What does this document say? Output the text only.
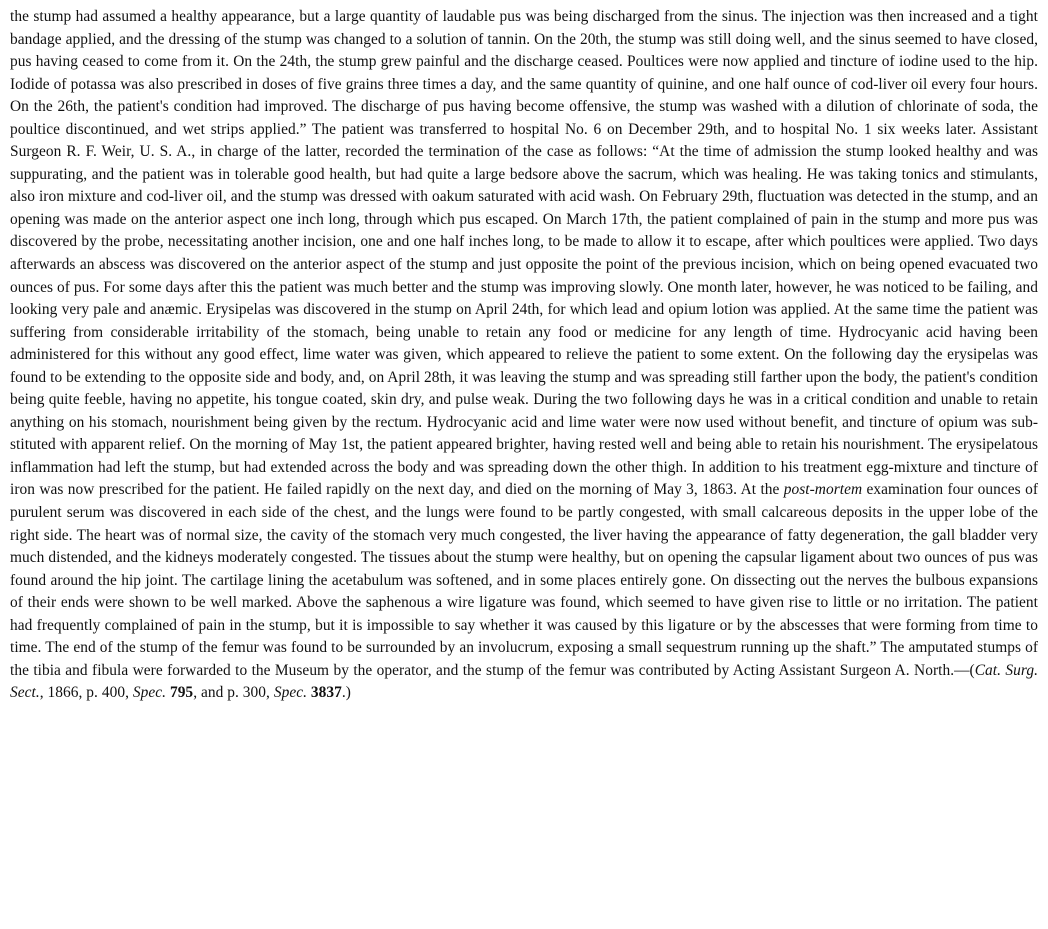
the stump had assumed a healthy appearance, but a large quantity of laudable pus was being discharged from the sinus. The injection was then increased and a tight bandage applied, and the dressing of the stump was changed to a solution of tannin. On the 20th, the stump was still doing well, and the sinus seemed to have closed, pus having ceased to come from it. On the 24th, the stump grew painful and the discharge ceased. Poultices were now applied and tincture of iodine used to the hip. Iodide of potassa was also prescribed in doses of five grains three times a day, and the same quantity of quinine, and one half ounce of cod-liver oil every four hours. On the 26th, the patient's condition had improved. The discharge of pus having become offensive, the stump was washed with a dilution of chlorinate of soda, the poultice discontinued, and wet strips applied.” The patient was transferred to hospital No. 6 on December 29th, and to hospital No. 1 six weeks later. Assistant Surgeon R. F. Weir, U. S. A., in charge of the latter, recorded the termination of the case as follows: “At the time of admission the stump looked healthy and was suppurating, and the patient was in tolerable good health, but had quite a large bedsore above the sacrum, which was healing. He was taking tonics and stimulants, also iron mixture and cod-liver oil, and the stump was dressed with oakum saturated with acid wash. On February 29th, fluctuation was detected in the stump, and an opening was made on the anterior aspect one inch long, through which pus escaped. On March 17th, the patient complained of pain in the stump and more pus was discovered by the probe, necessitating another incision, one and one half inches long, to be made to allow it to escape, after which poultices were applied. Two days afterwards an abscess was discovered on the anterior aspect of the stump and just opposite the point of the previous incision, which on being opened evacuated two ounces of pus. For some days after this the patient was much better and the stump was improving slowly. One month later, however, he was noticed to be failing, and looking very pale and anæmic. Erysipelas was discovered in the stump on April 24th, for which lead and opium lotion was applied. At the same time the patient was suffering from considerable irritability of the stomach, being unable to retain any food or medicine for any length of time. Hydrocyanic acid having been administered for this without any good effect, lime water was given, which appeared to relieve the patient to some extent. On the following day the erysipelas was found to be extending to the opposite side and body, and, on April 28th, it was leaving the stump and was spreading still farther upon the body, the patient's condition being quite feeble, having no appetite, his tongue coated, skin dry, and pulse weak. During the two following days he was in a critical condition and unable to retain anything on his stomach, nourishment being given by the rectum. Hydrocyanic acid and lime water were now used without benefit, and tincture of opium was substituted with apparent relief. On the morning of May 1st, the patient appeared brighter, having rested well and being able to retain his nourishment. The erysipelatous inflammation had left the stump, but had extended across the body and was spreading down the other thigh. In addition to his treatment egg-mixture and tincture of iron was now prescribed for the patient. He failed rapidly on the next day, and died on the morning of May 3, 1863. At the post-mortem examination four ounces of purulent serum was discovered in each side of the chest, and the lungs were found to be partly congested, with small calcareous deposits in the upper lobe of the right side. The heart was of normal size, the cavity of the stomach very much congested, the liver having the appearance of fatty degeneration, the gall bladder very much distended, and the kidneys moderately congested. The tissues about the stump were healthy, but on opening the capsular ligament about two ounces of pus was found around the hip joint. The cartilage lining the acetabulum was softened, and in some places entirely gone. On dissecting out the nerves the bulbous expansions of their ends were shown to be well marked. Above the saphenous a wire ligature was found, which seemed to have given rise to little or no irritation. The patient had frequently complained of pain in the stump, but it is impossible to say whether it was caused by this ligature or by the abscesses that were forming from time to time. The end of the stump of the femur was found to be surrounded by an involucrum, exposing a small sequestrum running up the shaft.” The amputated stumps of the tibia and fibula were forwarded to the Museum by the operator, and the stump of the femur was contributed by Acting Assistant Surgeon A. North.—(Cat. Surg. Sect., 1866, p. 400, Spec. 795, and p. 300, Spec. 3837.)
